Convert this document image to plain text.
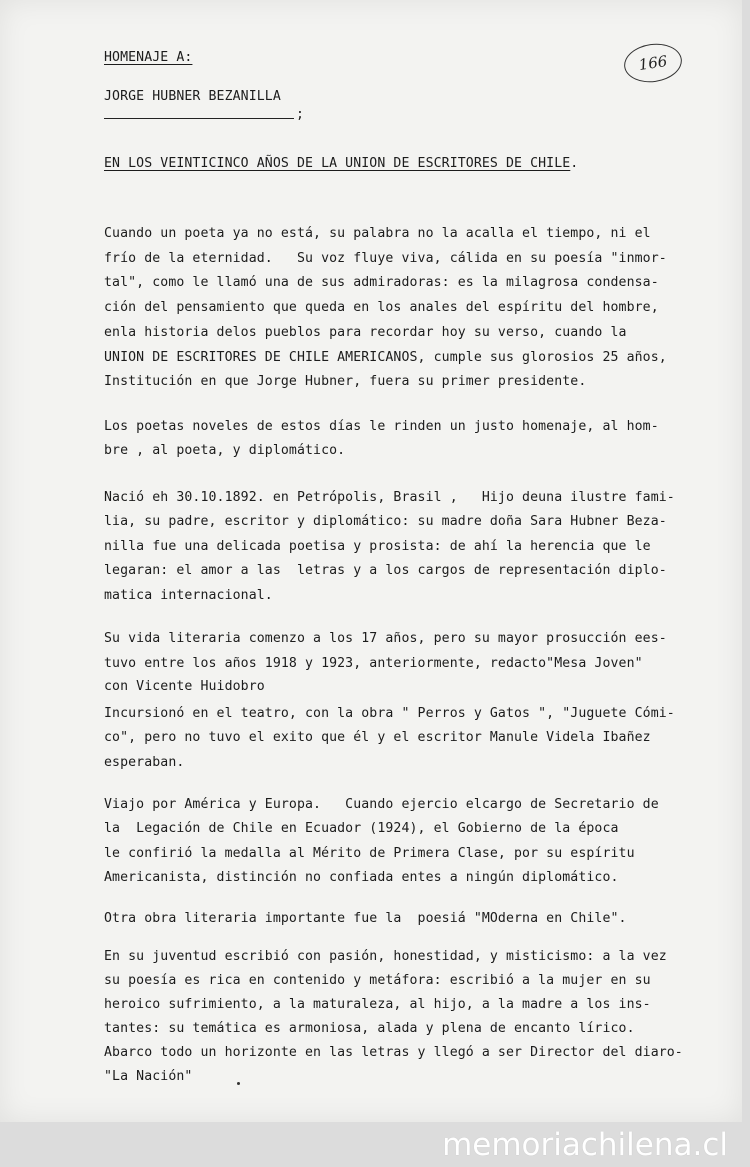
166
HOMENAJE A:
JORGE HUBNER BEZANILLA
;
EN LOS VEINTICINCO AÑOS DE LA UNION DE ESCRITORES DE CHILE.
Cuando un poeta ya no está, su palabra no la acalla el tiempo, ni el
frío de la eternidad.   Su voz fluye viva, cálida en su poesía "inmor-
tal", como le llamó una de sus admiradoras: es la milagrosa condensa-
ción del pensamiento que queda en los anales del espíritu del hombre,
enla historia delos pueblos para recordar hoy su verso, cuando la
UNION DE ESCRITORES DE CHILE AMERICANOS, cumple sus glorosios 25 años,
Institución en que Jorge Hubner, fuera su primer presidente.
Los poetas noveles de estos días le rinden un justo homenaje, al hom-
bre , al poeta, y diplomático.
Nació eh 30.10.1892. en Petrópolis, Brasil ,   Hijo deuna ilustre fami-
lia, su padre, escritor y diplomático: su madre doña Sara Hubner Beza-
nilla fue una delicada poetisa y prosista: de ahí la herencia que le
legaran: el amor a las  letras y a los cargos de representación diplo-
matica internacional.
Su vida literaria comenzo a los 17 años, pero su mayor prosucción ees-
tuvo entre los años 1918 y 1923, anteriormente, redacto"Mesa Joven"
con Vicente Huidobro
Incursionó en el teatro, con la obra " Perros y Gatos ", "Juguete Cómi-
co", pero no tuvo el exito que él y el escritor Manule Videla Ibañez
esperaban.
Viajo por América y Europa.   Cuando ejercio elcargo de Secretario de
la  Legación de Chile en Ecuador (1924), el Gobierno de la época
le confirió la medalla al Mérito de Primera Clase, por su espíritu
Americanista, distinción no confiada entes a ningún diplomático.
Otra obra literaria importante fue la  poesiá "MOderna en Chile".
En su juventud escribió con pasión, honestidad, y misticismo: a la vez
su poesía es rica en contenido y metáfora: escribió a la mujer en su
heroico sufrimiento, a la maturaleza, al hijo, a la madre a los ins-
tantes: su temática es armoniosa, alada y plena de encanto lírico.
Abarco todo un horizonte en las letras y llegó a ser Director del diaro-
"La Nación"
memoriachilena.cl
